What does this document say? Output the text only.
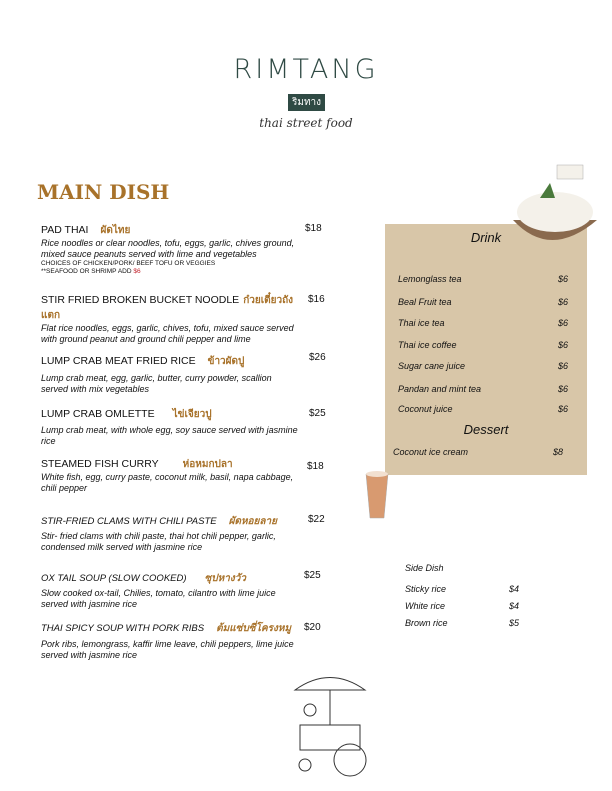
RIMTANG
ริมทาง
thai street food
MAIN DISH
PAD THAI ผัดไทย
Rice noodles or clear noodles, tofu, eggs, garlic, chives ground, mixed sauce peanuts served with lime and vegetables
CHOICES OF CHICKEN/PORK/ BEEF TOFU OR VEGGIES
**SEAFOOD OR SHRIMP ADD $6
$18
STIR FRIED BROKEN BUCKET NOODLE ก๋วยเตี๋ยวถังแตก
Flat rice noodles, eggs, garlic, chives, tofu, mixed sauce served with ground peanut and ground chili pepper and lime
$16
LUMP CRAB MEAT FRIED RICE ข้าวผัดปู
Lump crab meat, egg, garlic, butter, curry powder, scallion served with mix vegetables
$26
LUMP CRAB OMLETTE ไข่เจียวปู
Lump crab meat, with whole egg, soy sauce served with jasmine rice
$25
STEAMED FISH CURRY ห่อหมกปลา
White fish, egg, curry paste, coconut milk, basil, napa cabbage, chili pepper
$18
STIR-FRIED CLAMS WITH CHILI PASTE ผัดหอยลาย
Stir- fried clams with chili paste, thai hot chili pepper, garlic, condensed milk served with jasmine rice
$22
OX TAIL SOUP (SLOW COOKED) ซุปหางวัว
Slow cooked ox-tail, Chilies, tomato, cilantro with lime juice served with jasmine rice
$25
THAI SPICY SOUP WITH PORK RIBS ต้มแซ่บซี่โครงหมู
Pork ribs, lemongrass, kaffir lime leave, chili peppers, lime juice served with jasmine rice
$20
Drink
Lemonglass tea	$6
Beal Fruit tea	$6
Thai ice tea	$6
Thai ice coffee	$6
Sugar cane juice	$6
Pandan and mint tea	$6
Coconut juice	$6
Dessert
Coconut ice cream	$8
Side Dish
Sticky rice	$4
White rice	$4
Brown rice	$5
